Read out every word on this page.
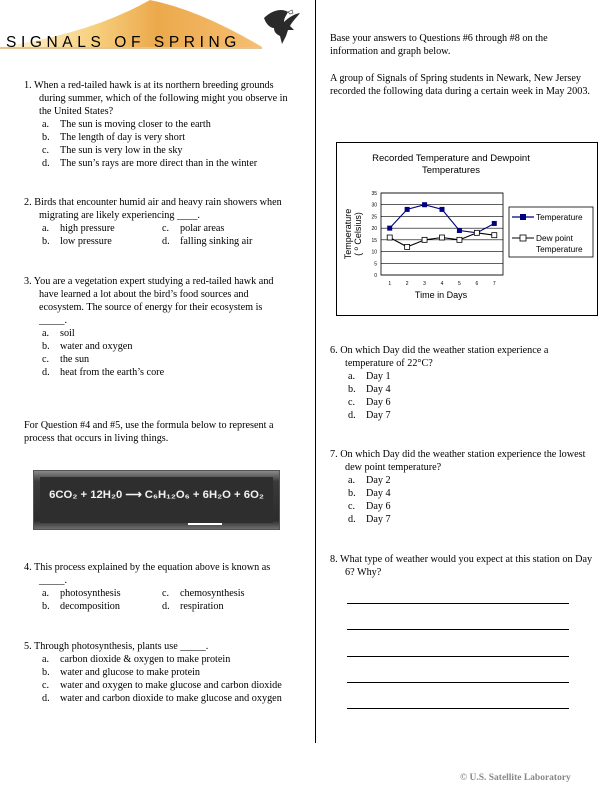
SIGNALS OF SPRING
1. When a red-tailed hawk is at its northern breeding grounds during summer, which of the following might you observe in the United States?
a.	The sun is moving closer to the earth
b.	The length of day is very short
c.	The sun is very low in the sky
d.	The sun’s rays are more direct than in the winter
2. Birds that encounter humid air and heavy rain showers when migrating are likely experiencing ____.
a.	high pressure	c.	polar areas
b.	low pressure	d.	falling sinking air
3. You are a vegetation expert studying a red-tailed hawk and have learned a lot about the bird’s food sources and ecosystem. The source of energy for their ecosystem is _____.
a.	soil
b.	water and oxygen
c.	the sun
d.	heat from the earth’s core
For Question #4 and #5, use the formula below to represent a process that occurs in living things.
6CO₂ + 12H₂0 ⟶ C₆H₁₂O₆ + 6H₂O + 6O₂
4. This process explained by the equation above is known as _____.
a.	photosynthesis	c.	chemosynthesis
b.	decomposition	d.	respiration
5. Through photosynthesis, plants use _____.
a.	carbon dioxide & oxygen to make protein
b.	water and glucose to make protein
c.	water and oxygen to make glucose and carbon dioxide
d.	water and carbon dioxide to make glucose and oxygen
Base your answers to Questions #6 through #8 on the information and graph below.
A group of Signals of Spring students in Newark, New Jersey recorded the following data during a certain week in May 2003.
Recorded Temperature and Dewpoint
Temperatures
0
5
10
15
20
25
30
35
1	2	3	4	5	6	7
Temperature ( º Celsius)
Time in Days
Temperature
Dew point
Temperature
6. On which Day did the weather station experience a temperature of 22°C?
a.	Day 1
b.	Day 4
c.	Day 6
d.	Day 7
7. On which Day did the weather station experience the lowest dew point temperature?
a.	Day 2
b.	Day 4
c.	Day 6
d.	Day 7
8. What type of weather would you expect at this station on Day 6? Why?
© U.S. Satellite Laboratory
